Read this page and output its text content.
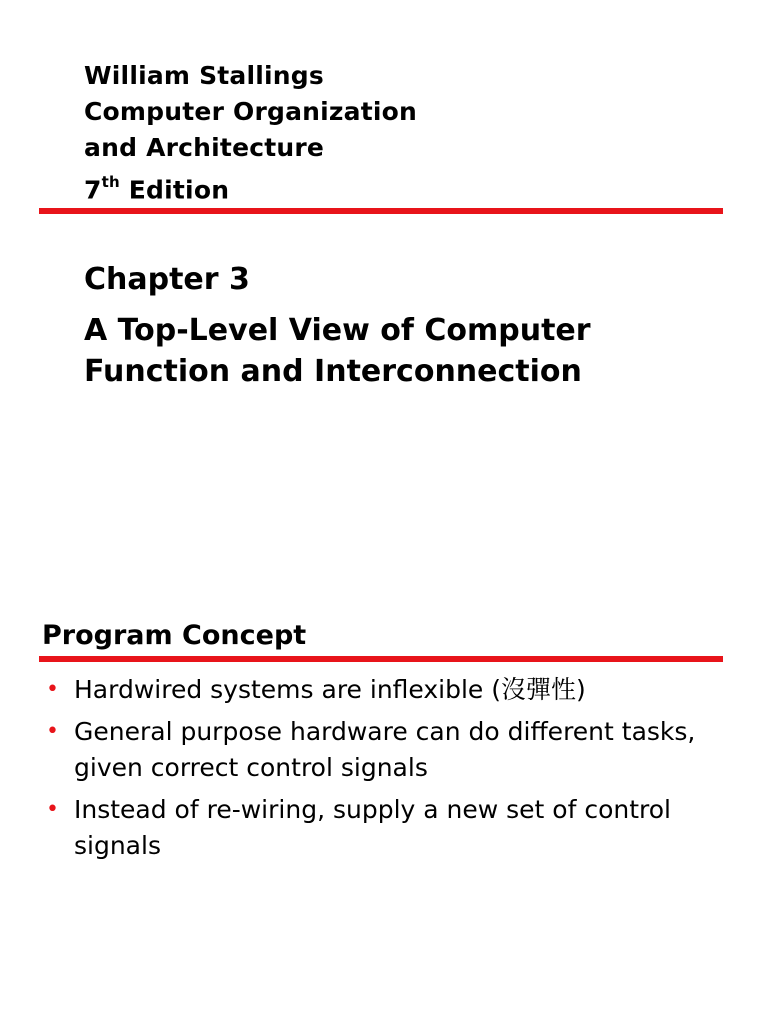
William Stallings
Computer Organization
and Architecture
7th Edition
Chapter 3
A Top-Level View of Computer
Function and Interconnection
Program Concept
• Hardwired systems are inflexible (沒彈性)
• General purpose hardware can do different tasks, given correct control signals
• Instead of re-wiring, supply a new set of control signals
